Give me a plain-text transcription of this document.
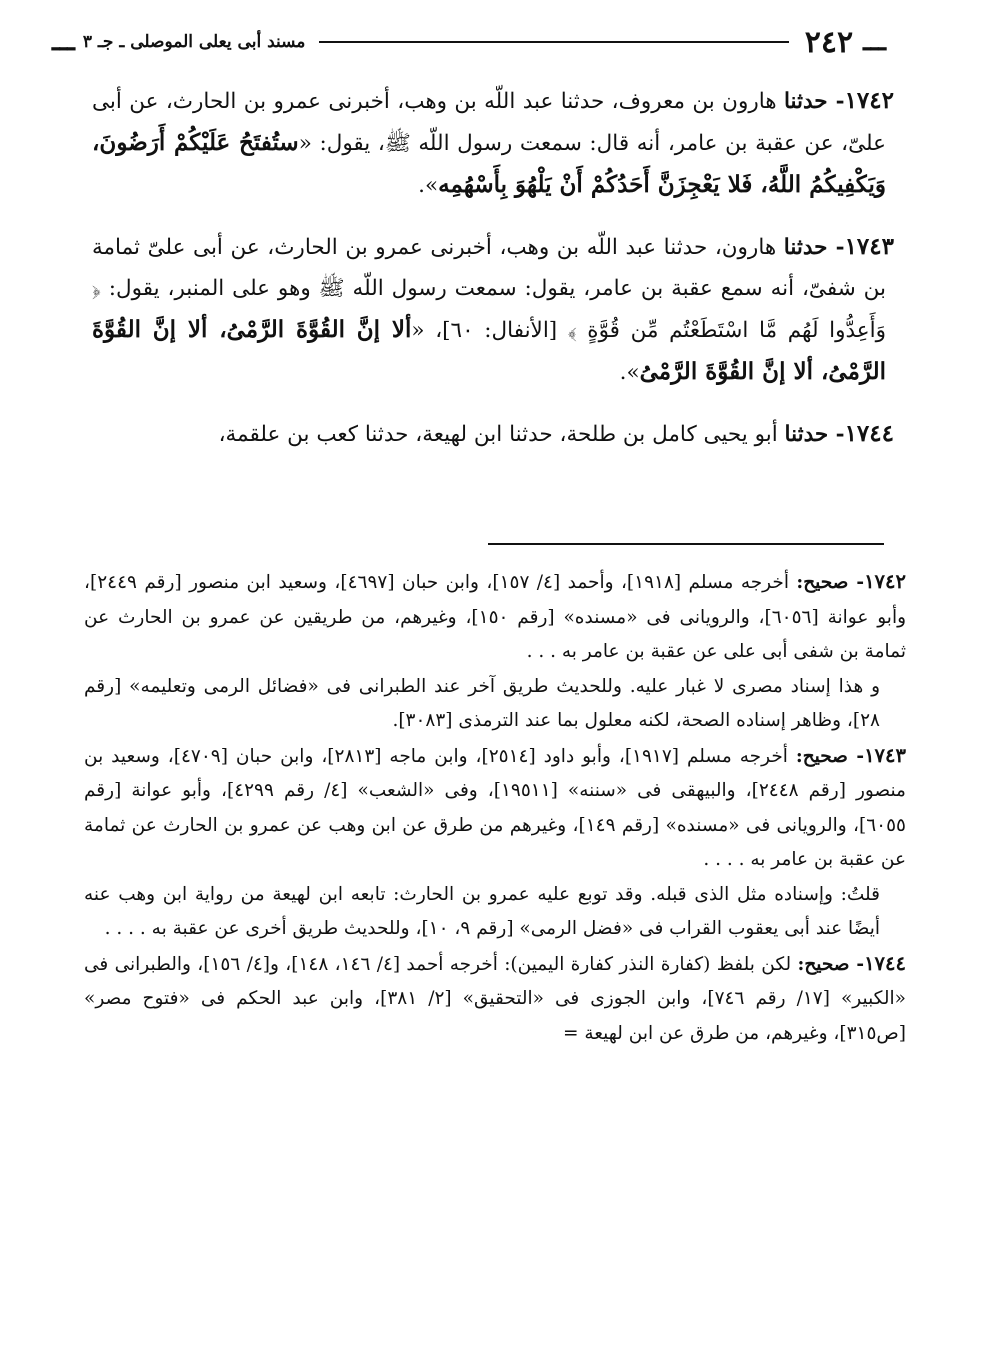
ـــ
٢٤٢
مسند أبى يعلى الموصلى ـ جـ ٣
ـــ

١٧٤٢- حدثنا هارون بن معروف، حدثنا عبد اللّه بن وهب، أخبرنى عمرو بن الحارث، عن أبى علىّ، عن عقبة بن عامر، أنه قال: سمعت رسول اللّه ﷺ، يقول: «ستُفتَحُ عَلَيْكُمْ أَرَضُونَ، وَيَكْفِيكُمُ اللَّهُ، فَلا يَعْجِزَنَّ أَحَدُكُمْ أَنْ يَلْهُوَ بِأَسْهُمِه».

١٧٤٣- حدثنا هارون، حدثنا عبد اللّه بن وهب، أخبرنى عمرو بن الحارث، عن أبى علىّ ثمامة بن شفىّ، أنه سمع عقبة بن عامر، يقول: سمعت رسول اللّه ﷺ وهو على المنبر، يقول: ﴿ وَأَعِدُّوا لَهُم مَّا اسْتَطَعْتُم مِّن قُوَّةٍ ﴾ [الأنفال: ٦٠]، «ألا إنَّ القُوَّةَ الرَّمْىُ، ألا إنَّ القُوَّةَ الرَّمْىُ، ألا إنَّ القُوَّةَ الرَّمْىُ».

١٧٤٤- حدثنا أبو يحيى كامل بن طلحة، حدثنا ابن لهيعة، حدثنا كعب بن علقمة،

١٧٤٢- صحيح: أخرجه مسلم [١٩١٨]، وأحمد [٤/ ١٥٧]، وابن حبان [٤٦٩٧]، وسعيد ابن منصور [رقم ٢٤٤٩]، وأبو عوانة [٦٠٥٦]، والرويانى فى «مسنده» [رقم ١٥٠]، وغيرهم، من طريقين عن عمرو بن الحارث عن ثمامة بن شفى أبى على عن عقبة بن عامر به . . .

و هذا إسناد مصرى لا غبار عليه. وللحديث طريق آخر عند الطبرانى فى «فضائل الرمى وتعليمه» [رقم ٢٨]، وظاهر إسناده الصحة، لكنه معلول بما عند الترمذى [٣٠٨٣].

١٧٤٣- صحيح: أخرجه مسلم [١٩١٧]، وأبو داود [٢٥١٤]، وابن ماجه [٢٨١٣]، وابن حبان [٤٧٠٩]، وسعيد بن منصور [رقم ٢٤٤٨]، والبيهقى فى «سننه» [١٩٥١١]، وفى «الشعب» [٤/ رقم ٤٢٩٩]، وأبو عوانة [رقم ٦٠٥٥]، والرويانى فى «مسنده» [رقم ١٤٩]، وغيرهم من طرق عن ابن وهب عن عمرو بن الحارث عن ثمامة عن عقبة بن عامر به . . . .

قلتُ: وإسناده مثل الذى قبله. وقد توبع عليه عمرو بن الحارث: تابعه ابن لهيعة من رواية ابن وهب عنه أيضًا عند أبى يعقوب القراب فى «فضل الرمى» [رقم ٩، ١٠]، وللحديث طريق أخرى عن عقبة به . . . .

١٧٤٤- صحيح: لكن بلفظ (كفارة النذر كفارة اليمين): أخرجه أحمد [٤/ ١٤٦، ١٤٨]، و[٤/ ١٥٦]، والطبرانى فى «الكبير» [١٧/ رقم ٧٤٦]، وابن الجوزى فى «التحقيق» [٢/ ٣٨١]، وابن عبد الحكم فى «فتوح مصر» [ص٣١٥]، وغيرهم، من طرق عن ابن لهيعة =
